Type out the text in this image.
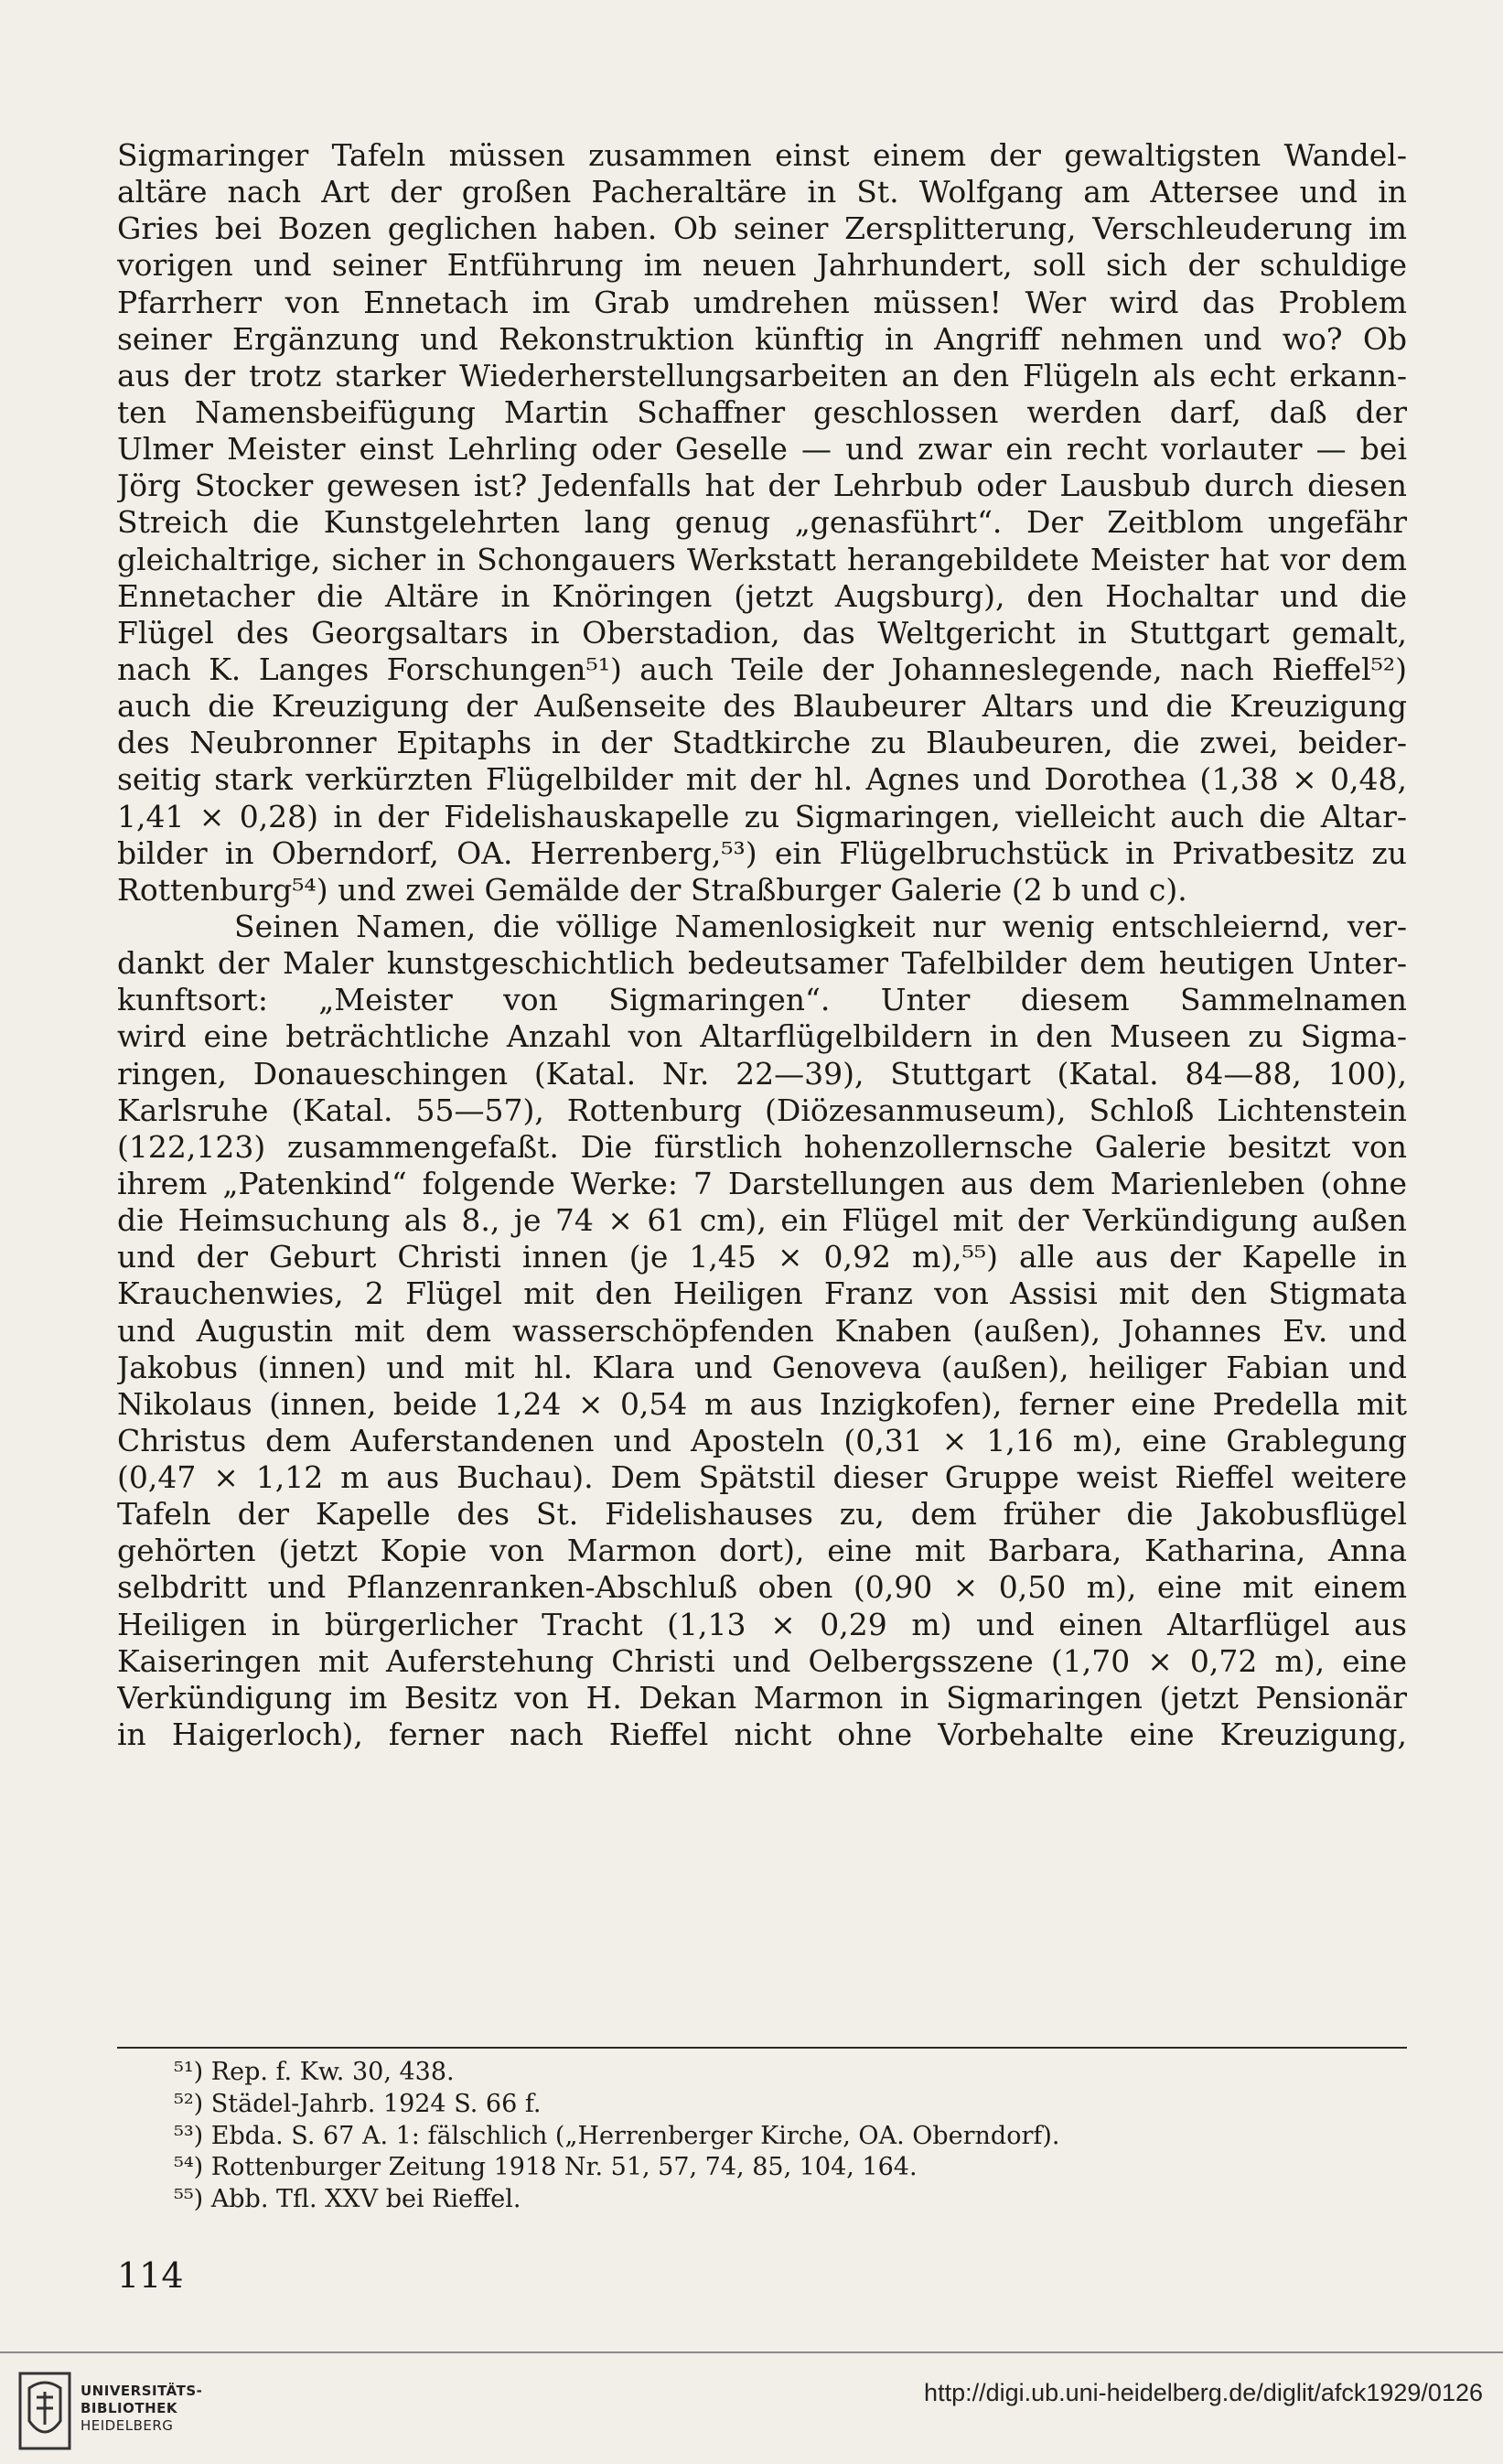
Sigmaringer Tafeln müssen zusammen einst einem der gewaltigsten Wandel-
altäre nach Art der großen Pacheraltäre in St. Wolfgang am Attersee und in
Gries bei Bozen geglichen haben. Ob seiner Zersplitterung, Verschleuderung im
vorigen und seiner Entführung im neuen Jahrhundert, soll sich der schuldige
Pfarrherr von Ennetach im Grab umdrehen müssen! Wer wird das Problem
seiner Ergänzung und Rekonstruktion künftig in Angriff nehmen und wo? Ob
aus der trotz starker Wiederherstellungsarbeiten an den Flügeln als echt erkann-
ten Namensbeifügung Martin Schaffner geschlossen werden darf, daß der
Ulmer Meister einst Lehrling oder Geselle — und zwar ein recht vorlauter — bei
Jörg Stocker gewesen ist? Jedenfalls hat der Lehrbub oder Lausbub durch diesen
Streich die Kunstgelehrten lang genug „genasführt“. Der Zeitblom ungefähr
gleichaltrige, sicher in Schongauers Werkstatt herangebildete Meister hat vor dem
Ennetacher die Altäre in Knöringen (jetzt Augsburg), den Hochaltar und die
Flügel des Georgsaltars in Oberstadion, das Weltgericht in Stuttgart gemalt,
nach K. Langes Forschungen⁵¹) auch Teile der Johanneslegende, nach Rieffel⁵²)
auch die Kreuzigung der Außenseite des Blaubeurer Altars und die Kreuzigung
des Neubronner Epitaphs in der Stadtkirche zu Blaubeuren, die zwei, beider-
seitig stark verkürzten Flügelbilder mit der hl. Agnes und Dorothea (1,38 × 0,48,
1,41 × 0,28) in der Fidelishauskapelle zu Sigmaringen, vielleicht auch die Altar-
bilder in Oberndorf, OA. Herrenberg,⁵³) ein Flügelbruchstück in Privatbesitz zu
Rottenburg⁵⁴) und zwei Gemälde der Straßburger Galerie (2 b und c).
Seinen Namen, die völlige Namenlosigkeit nur wenig entschleiernd, ver-
dankt der Maler kunstgeschichtlich bedeutsamer Tafelbilder dem heutigen Unter-
kunftsort: „Meister von Sigmaringen“. Unter diesem Sammelnamen
wird eine beträchtliche Anzahl von Altarflügelbildern in den Museen zu Sigma-
ringen, Donaueschingen (Katal. Nr. 22—39), Stuttgart (Katal. 84—88, 100),
Karlsruhe (Katal. 55—57), Rottenburg (Diözesanmuseum), Schloß Lichtenstein
(122,123) zusammengefaßt. Die fürstlich hohenzollernsche Galerie besitzt von
ihrem „Patenkind“ folgende Werke: 7 Darstellungen aus dem Marienleben (ohne
die Heimsuchung als 8., je 74 × 61 cm), ein Flügel mit der Verkündigung außen
und der Geburt Christi innen (je 1,45 × 0,92 m),⁵⁵) alle aus der Kapelle in
Krauchenwies, 2 Flügel mit den Heiligen Franz von Assisi mit den Stigmata
und Augustin mit dem wasserschöpfenden Knaben (außen), Johannes Ev. und
Jakobus (innen) und mit hl. Klara und Genoveva (außen), heiliger Fabian und
Nikolaus (innen, beide 1,24 × 0,54 m aus Inzigkofen), ferner eine Predella mit
Christus dem Auferstandenen und Aposteln (0,31 × 1,16 m), eine Grablegung
(0,47 × 1,12 m aus Buchau). Dem Spätstil dieser Gruppe weist Rieffel weitere
Tafeln der Kapelle des St. Fidelishauses zu, dem früher die Jakobusflügel
gehörten (jetzt Kopie von Marmon dort), eine mit Barbara, Katharina, Anna
selbdritt und Pflanzenranken-Abschluß oben (0,90 × 0,50 m), eine mit einem
Heiligen in bürgerlicher Tracht (1,13 × 0,29 m) und einen Altarflügel aus
Kaiseringen mit Auferstehung Christi und Oelbergsszene (1,70 × 0,72 m), eine
Verkündigung im Besitz von H. Dekan Marmon in Sigmaringen (jetzt Pensionär
in Haigerloch), ferner nach Rieffel nicht ohne Vorbehalte eine Kreuzigung,
⁵¹) Rep. f. Kw. 30, 438.
⁵²) Städel-Jahrb. 1924 S. 66 f.
⁵³) Ebda. S. 67 A. 1: fälschlich („Herrenberger Kirche, OA. Oberndorf).
⁵⁴) Rottenburger Zeitung 1918 Nr. 51, 57, 74, 85, 104, 164.
⁵⁵) Abb. Tfl. XXV bei Rieffel.
114
UNIVERSITÄTS-
BIBLIOTHEK
HEIDELBERG
http://digi.ub.uni-heidelberg.de/diglit/afck1929/0126
